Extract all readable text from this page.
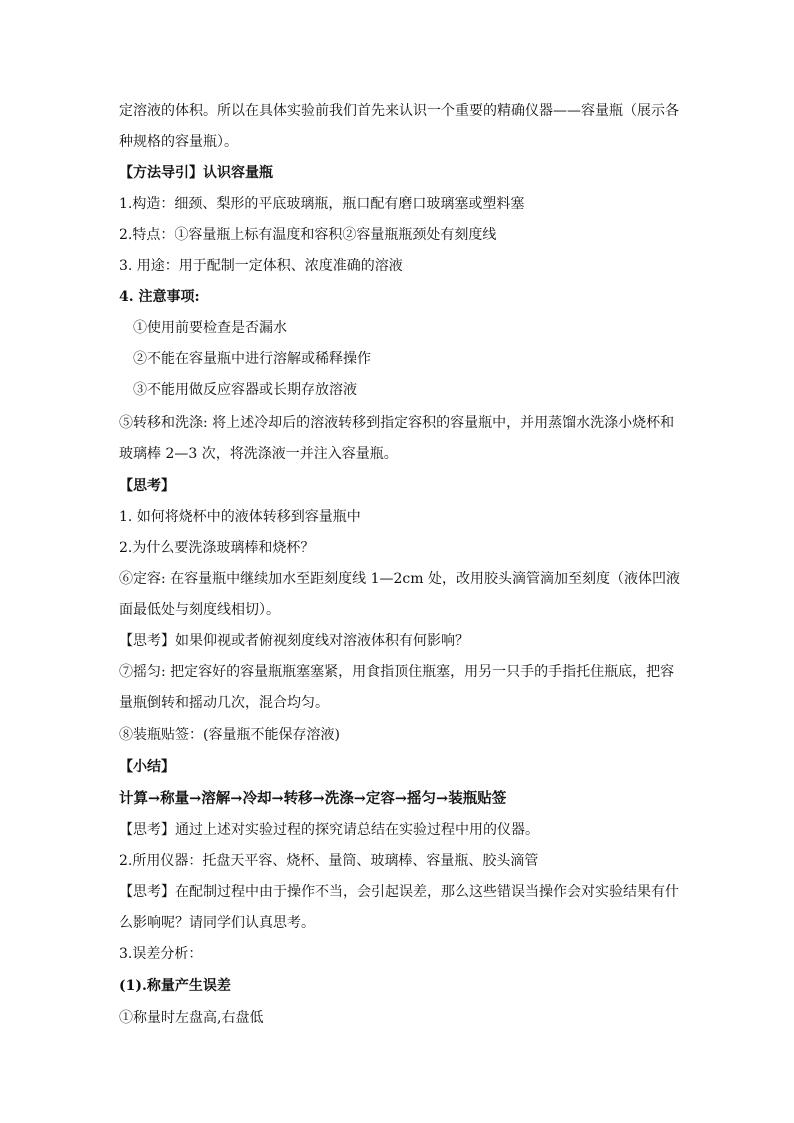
定溶液的体积。所以在具体实验前我们首先来认识一个重要的精确仪器——容量瓶（展示各
种规格的容量瓶）。
【方法导引】认识容量瓶
1.构造：细颈、梨形的平底玻璃瓶，瓶口配有磨口玻璃塞或塑料塞
2.特点：①容量瓶上标有温度和容积②容量瓶瓶颈处有刻度线
3. 用途：用于配制一定体积、浓度准确的溶液
4. 注意事项:
①使用前要检查是否漏水
②不能在容量瓶中进行溶解或稀释操作
③不能用做反应容器或长期存放溶液
⑤转移和洗涤: 将上述冷却后的溶液转移到指定容积的容量瓶中，并用蒸馏水洗涤小烧杯和
玻璃棒 2—3 次，将洗涤液一并注入容量瓶。
【思考】
1. 如何将烧杯中的液体转移到容量瓶中
2.为什么要洗涤玻璃棒和烧杯？
⑥定容: 在容量瓶中继续加水至距刻度线 1—2cm 处，改用胶头滴管滴加至刻度（液体凹液
面最低处与刻度线相切）。
【思考】如果仰视或者俯视刻度线对溶液体积有何影响？
⑦摇匀: 把定容好的容量瓶瓶塞塞紧，用食指顶住瓶塞，用另一只手的手指托住瓶底，把容
量瓶倒转和摇动几次，混合均匀。
⑧装瓶贴签：(容量瓶不能保存溶液)
【小结】
计算→称量→溶解→冷却→转移→洗涤→定容→摇匀→装瓶贴签
【思考】通过上述对实验过程的探究请总结在实验过程中用的仪器。
2.所用仪器：托盘天平容、烧杯、量筒、玻璃棒、容量瓶、胶头滴管
【思考】在配制过程中由于操作不当，会引起误差，那么这些错误当操作会对实验结果有什
么影响呢？请同学们认真思考。
3.误差分析：
(1).称量产生误差
①称量时左盘高,右盘低
